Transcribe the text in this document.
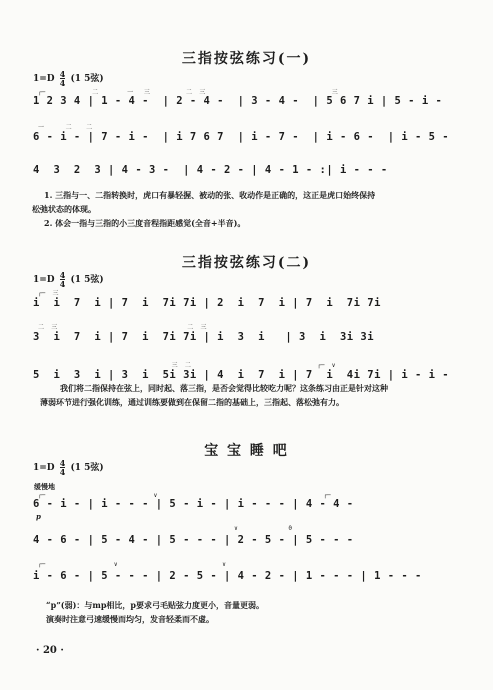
三指按弦练习(一)
$1=D \frac{4}{4} (1$ 5弦)
┌─             二        一   三          二  三                                   三
1 2 3 4 | 1 - 4 -  | 2 - 4 -  | 3 - 4 -  | 5 6 7 i | 5 - i -
一      二    二
6 - i - | 7 - i -  | i 7 6 7  | i - 7 -  | i - 6 -  | i - 5 -
4  3  2  3 | 4 - 3 -  | 4 - 2 - | 4 - 1 - :| i - - -
1. 三指与一、二指转换时，虎口有暴轻握、被动的张、收动作是正确的，这正是虎口始终保持
松弛状态的体现。
2. 体会一指与三指的小三度音程指距感觉(全音+半音)。
三指按弦练习(二)
$1=D \frac{4}{4} (1$ 5弦)
┌─  三
i  i  7  i | 7  i  7i 7i | 2  i  7  i | 7  i  7i 7i
二  三                                    二  三
3  i  7  i | 7  i  7i 7i | i  3  i   | 3  i  3i 3i
三  二                                   ┌─  ∨
5  i  3  i | 3  i  5i 3i | 4  i  7  i | 7  i  4i 7i | i - i -
我们将二指保持在弦上，同时起、落三指，是否会觉得比较吃力呢？这条练习由正是针对这种
薄弱环节进行强化训练，通过训练要做到在保留二指的基础上，三指起、落松弛有力。
宝 宝 睡 吧
$1=D \frac{4}{4} (1$ 5弦)
缓慢地
┌─                              ∨                                              ┌─
6 - i - | i - - - | 5 - i - | i - - - | 4 - 4 -
p
∨              0
4 - 6 - | 5 - 4 - | 5 - - - | 2 - 5 - | 5 - - -
┌─                   ∨                             ∨
i - 6 - | 5 - - - | 2 - 5 - | 4 - 2 - | 1 - - - | 1 - - -
“p”(弱)：与mp相比，p要求弓毛贴弦力度更小，音量更弱。
演奏时注意弓速缓慢而均匀，发音轻柔而不虚。
· 20 ·
